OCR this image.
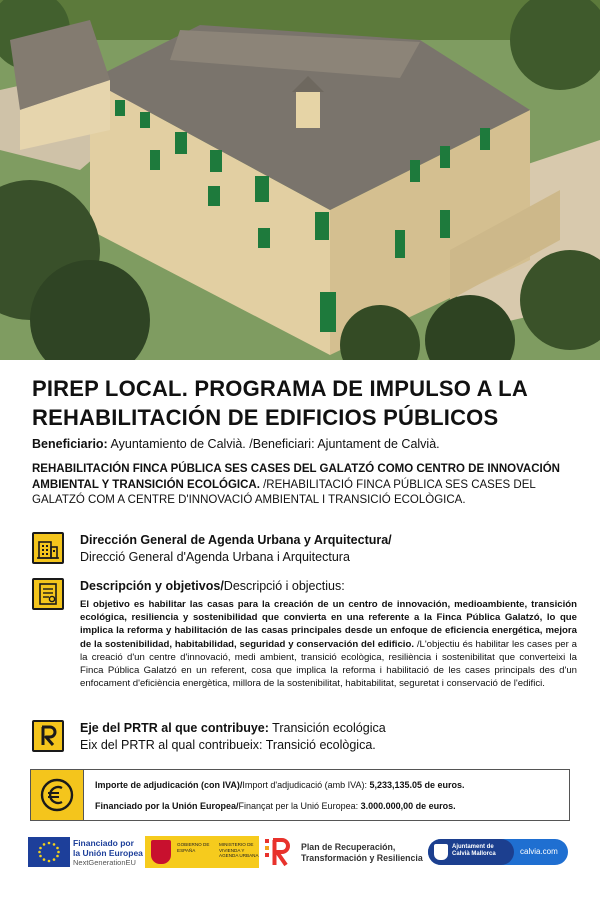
PIREP LOCAL. PROGRAMA DE IMPULSO A LA REHABILITACIÓN DE EDIFICIOS PÚBLICOS
Beneficiario: Ayuntamiento de Calvià. /Beneficiari: Ajuntament de Calvià.
REHABILITACIÓN FINCA PÚBLICA SES CASES DEL GALATZÓ COMO CENTRO DE INNOVACIÓN AMBIENTAL Y TRANSICIÓN ECOLÓGICA. /REHABILITACIÓ FINCA PÚBLICA SES CASES DEL GALATZÓ COM A CENTRE D'INNOVACIÓ AMBIENTAL I TRANSICIÓ ECOLÒGICA.
Dirección General de Agenda Urbana y Arquitectura/
Direcció General d'Agenda Urbana i Arquitectura
Descripción y objetivos/Descripció i objectius:
El objetivo es habilitar las casas para la creación de un centro de innovación, medioambiente, transición ecológica, resiliencia y sostenibilidad que convierta en una referente a la Finca Pública Galatzó, lo que implica la reforma y habilitación de las casas principales desde un enfoque de eficiencia energética, mejora de la sostenibilidad, habitabilidad, seguridad y conservación del edificio. /L'objectiu és habilitar les cases per a la creació d'un centre d'innovació, medi ambient, transició ecològica, resiliència i sostenibilitat que converteixi la Finca Pública Galatzó en un referent, cosa que implica la reforma i habilitació de les cases principals des d'un enfocament d'eficiència energètica, millora de la sostenibilitat, habitabilitat, seguretat i conservació de l'edifici.
Eje del PRTR al que contribuye: Transición ecológica
Eix del PRTR al qual contribueix: Transició ecològica.
Importe de adjudicación (con IVA)/Import d'adjudicació (amb IVA): 5,233,135.05 de euros.
Financiado por la Unión Europea/Finançat per la Unió Europea: 3.000.000,00 de euros.
Financiado por
la Unión Europea
NextGenerationEU
GOBIERNO DE ESPAÑA
MINISTERIO DE VIVIENDA Y AGENDA URBANA
Plan de Recuperación,
Transformación y Resiliencia
Ajuntament de
Calvià Mallorca	calvia.com
